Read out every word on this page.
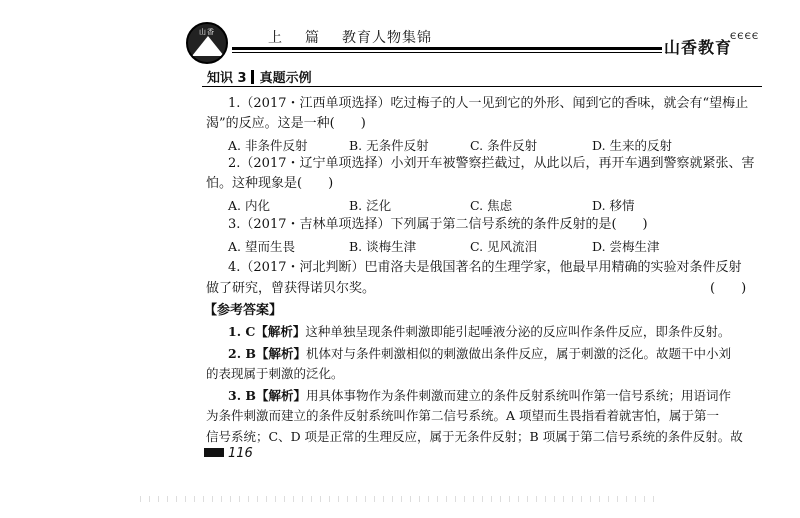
山香	上 篇 教育人物集锦	山香教育
ЄЄЄЄ
知识 3 真题示例
1.（2017・江西单项选择）吃过梅子的人一见到它的外形、闻到它的香味，就会有“望梅止
渴”的反应。这是一种(　　)
A. 非条件反射	B. 无条件反射	C. 条件反射	D. 生来的反射
2.（2017・辽宁单项选择）小刘开车被警察拦截过，从此以后，再开车遇到警察就紧张、害
怕。这种现象是(　　)
A. 内化	B. 泛化	C. 焦虑	D. 移情
3.（2017・吉林单项选择）下列属于第二信号系统的条件反射的是(　　)
A. 望而生畏	B. 谈梅生津	C. 见风流泪	D. 尝梅生津
4.（2017・河北判断）巴甫洛夫是俄国著名的生理学家，他最早用精确的实验对条件反射
做了研究，曾获得诺贝尔奖。	(　　)
【参考答案】
1. C【解析】这种单独呈现条件刺激即能引起唾液分泌的反应叫作条件反应，即条件反射。
2. B【解析】机体对与条件刺激相似的刺激做出条件反应，属于刺激的泛化。故题干中小刘
的表现属于刺激的泛化。
3. B【解析】用具体事物作为条件刺激而建立的条件反射系统叫作第一信号系统；用语词作
为条件刺激而建立的条件反射系统叫作第二信号系统。A 项望而生畏指看着就害怕，属于第一
信号系统；C、D 项是正常的生理反应，属于无条件反射；B 项属于第二信号系统的条件反射。故
116
